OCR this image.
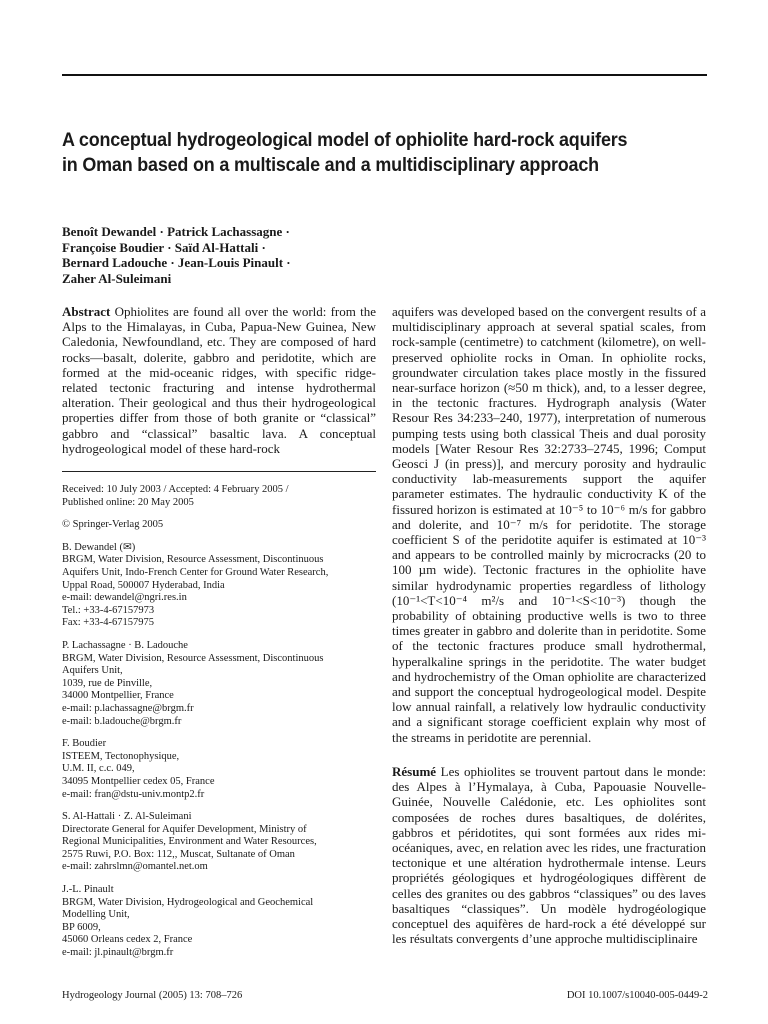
A conceptual hydrogeological model of ophiolite hard-rock aquifers in Oman based on a multiscale and a multidisciplinary approach
Benoît Dewandel · Patrick Lachassagne ·
Françoise Boudier · Saïd Al-Hattali ·
Bernard Ladouche · Jean-Louis Pinault ·
Zaher Al-Suleimani

Abstract Ophiolites are found all over the world: from the Alps to the Himalayas, in Cuba, Papua-New Guinea, New Caledonia, Newfoundland, etc. They are composed of hard rocks—basalt, dolerite, gabbro and peridotite, which are formed at the mid-oceanic ridges, with specific ridge-related tectonic fracturing and intense hydrothermal alteration. Their geological and thus their hydrogeological properties differ from those of both granite or “classical” gabbro and “classical” basaltic lava. A conceptual hydrogeological model of these hard-rock

Received: 10 July 2003 / Accepted: 4 February 2005 /
Published online: 20 May 2005
© Springer-Verlag 2005
B. Dewandel (✉)
BRGM, Water Division, Resource Assessment, Discontinuous
Aquifers Unit, Indo-French Center for Ground Water Research,
Uppal Road, 500007 Hyderabad, India
e-mail: dewandel@ngri.res.in
Tel.: +33-4-67157973
Fax: +33-4-67157975
P. Lachassagne · B. Ladouche
BRGM, Water Division, Resource Assessment, Discontinuous
Aquifers Unit,
1039, rue de Pinville,
34000 Montpellier, France
e-mail: p.lachassagne@brgm.fr
e-mail: b.ladouche@brgm.fr
F. Boudier
ISTEEM, Tectonophysique,
U.M. II, c.c. 049,
34095 Montpellier cedex 05, France
e-mail: fran@dstu-univ.montp2.fr
S. Al-Hattali · Z. Al-Suleimani
Directorate General for Aquifer Development, Ministry of
Regional Municipalities, Environment and Water Resources,
2575 Ruwi, P.O. Box: 112,, Muscat, Sultanate of Oman
e-mail: zahrslmn@omantel.net.om
J.-L. Pinault
BRGM, Water Division, Hydrogeological and Geochemical
Modelling Unit,
BP 6009,
45060 Orleans cedex 2, France
e-mail: jl.pinault@brgm.fr

aquifers was developed based on the convergent results of a multidisciplinary approach at several spatial scales, from rock-sample (centimetre) to catchment (kilometre), on well-preserved ophiolite rocks in Oman. In ophiolite rocks, groundwater circulation takes place mostly in the fissured near-surface horizon (≈50 m thick), and, to a lesser degree, in the tectonic fractures. Hydrograph analysis (Water Resour Res 34:233–240, 1977), interpretation of numerous pumping tests using both classical Theis and dual porosity models [Water Resour Res 32:2733–2745, 1996; Comput Geosci J (in press)], and mercury porosity and hydraulic conductivity lab-measurements support the aquifer parameter estimates. The hydraulic conductivity K of the fissured horizon is estimated at 10⁻⁵ to 10⁻⁶ m/s for gabbro and dolerite, and 10⁻⁷ m/s for peridotite. The storage coefficient S of the peridotite aquifer is estimated at 10⁻³ and appears to be controlled mainly by microcracks (20 to 100 µm wide). Tectonic fractures in the ophiolite have similar hydrodynamic properties regardless of lithology (10⁻¹<T<10⁻⁴ m²/s and 10⁻¹<S<10⁻³) though the probability of obtaining productive wells is two to three times greater in gabbro and dolerite than in peridotite. Some of the tectonic fractures produce small hydrothermal, hyperalkaline springs in the peridotite. The water budget and hydrochemistry of the Oman ophiolite are characterized and support the conceptual hydrogeological model. Despite low annual rainfall, a relatively low hydraulic conductivity and a significant storage coefficient explain why most of the streams in peridotite are perennial.

Résumé Les ophiolites se trouvent partout dans le monde: des Alpes à l’Hymalaya, à Cuba, Papouasie Nouvelle-Guinée, Nouvelle Calédonie, etc. Les ophiolites sont composées de roches dures basaltiques, de dolérites, gabbros et péridotites, qui sont formées aux rides mi-océaniques, avec, en relation avec les rides, une fracturation tectonique et une altération hydrothermale intense. Leurs propriétés géologiques et hydrogéologiques diffèrent de celles des granites ou des gabbros “classiques” ou des laves basaltiques “classiques”. Un modèle hydrogéologique conceptuel des aquifères de hard-rock a été développé sur les résultats convergents d’une approche multidisciplinaire

Hydrogeology Journal (2005) 13: 708–726	DOI 10.1007/s10040-005-0449-2
